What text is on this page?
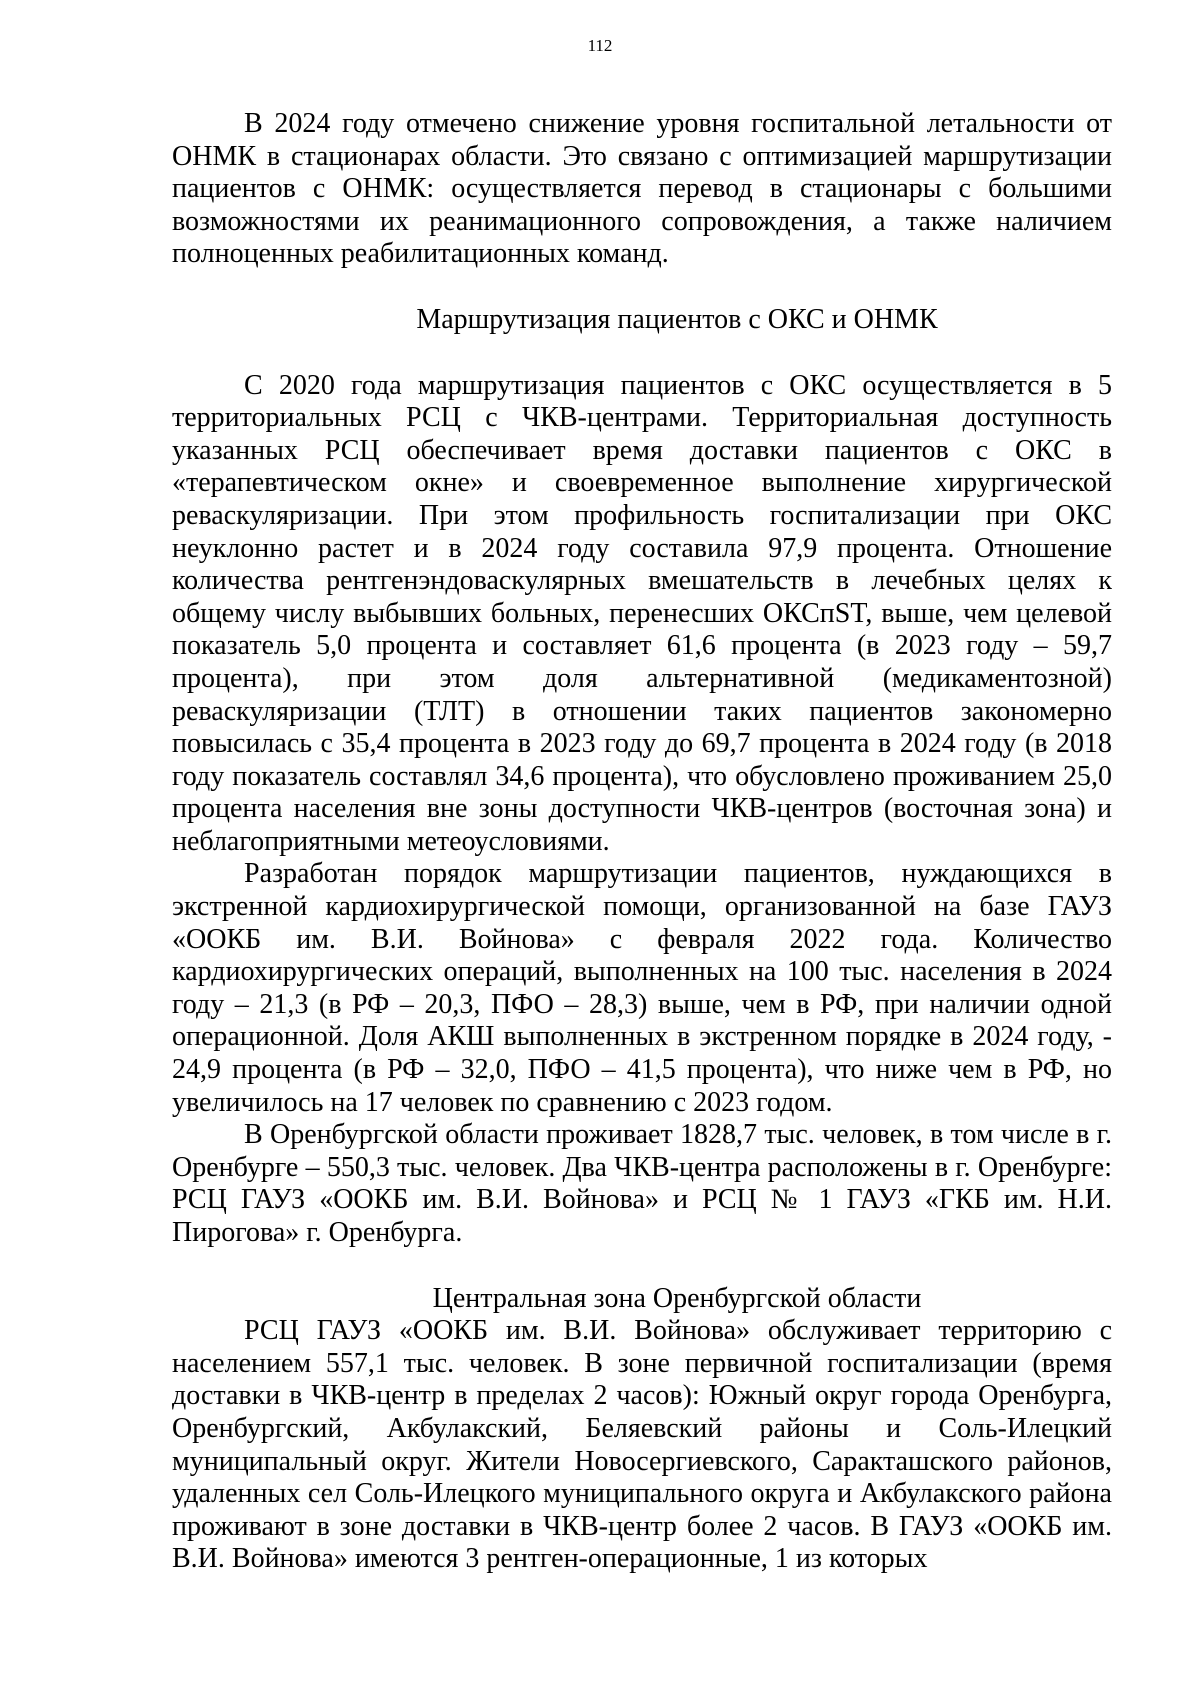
112

В 2024 году отмечено снижение уровня госпитальной летальности от ОНМК в стационарах области. Это связано с оптимизацией маршрутизации пациентов с ОНМК: осуществляется перевод в стационары с большими возможностями их реанимационного сопровождения, а также наличием полноценных реабилитационных команд.

Маршрутизация пациентов с ОКС и ОНМК

С 2020 года маршрутизация пациентов с ОКС осуществляется в 5 территориальных РСЦ с ЧКВ-центрами. Территориальная доступность указанных РСЦ обеспечивает время доставки пациентов с ОКС в «терапевтическом окне» и своевременное выполнение хирургической реваскуляризации. При этом профильность госпитализации при ОКС неуклонно растет и в 2024 году составила 97,9 процента. Отношение количества рентгенэндоваскулярных вмешательств в лечебных целях к общему числу выбывших больных, перенесших ОКСпST, выше, чем целевой показатель 5,0 процента и составляет 61,6 процента (в 2023 году – 59,7 процента), при этом доля альтернативной (медикаментозной) реваскуляризации (ТЛТ) в отношении таких пациентов закономерно повысилась с 35,4 процента в 2023 году до 69,7 процента в 2024 году (в 2018 году показатель составлял 34,6 процента), что обусловлено проживанием 25,0 процента населения вне зоны доступности ЧКВ-центров (восточная зона) и неблагоприятными метеоусловиями.

Разработан порядок маршрутизации пациентов, нуждающихся в экстренной кардиохирургической помощи, организованной на базе ГАУЗ «ООКБ им. В.И. Войнова» с февраля 2022 года. Количество кардиохирургических операций, выполненных на 100 тыс. населения в 2024 году – 21,3 (в РФ – 20,3, ПФО – 28,3) выше, чем в РФ, при наличии одной операционной. Доля АКШ выполненных в экстренном порядке в 2024 году, - 24,9 процента (в РФ – 32,0, ПФО – 41,5 процента), что ниже чем в РФ, но увеличилось на 17 человек по сравнению с 2023 годом.

В Оренбургской области проживает 1828,7 тыс. человек, в том числе в г. Оренбурге – 550,3 тыс. человек. Два ЧКВ-центра расположены в г. Оренбурге: РСЦ ГАУЗ «ООКБ им. В.И. Войнова» и РСЦ № 1 ГАУЗ «ГКБ им. Н.И. Пирогова» г. Оренбурга.

Центральная зона Оренбургской области

РСЦ ГАУЗ «ООКБ им. В.И. Войнова» обслуживает территорию с населением 557,1 тыс. человек. В зоне первичной госпитализации (время доставки в ЧКВ-центр в пределах 2 часов): Южный округ города Оренбурга, Оренбургский, Акбулакский, Беляевский районы и Соль-Илецкий муниципальный округ. Жители Новосергиевского, Саракташского районов, удаленных сел Соль-Илецкого муниципального округа и Акбулакского района проживают в зоне доставки в ЧКВ-центр более 2 часов. В ГАУЗ «ООКБ им. В.И. Войнова» имеются 3 рентген-операционные, 1 из которых
